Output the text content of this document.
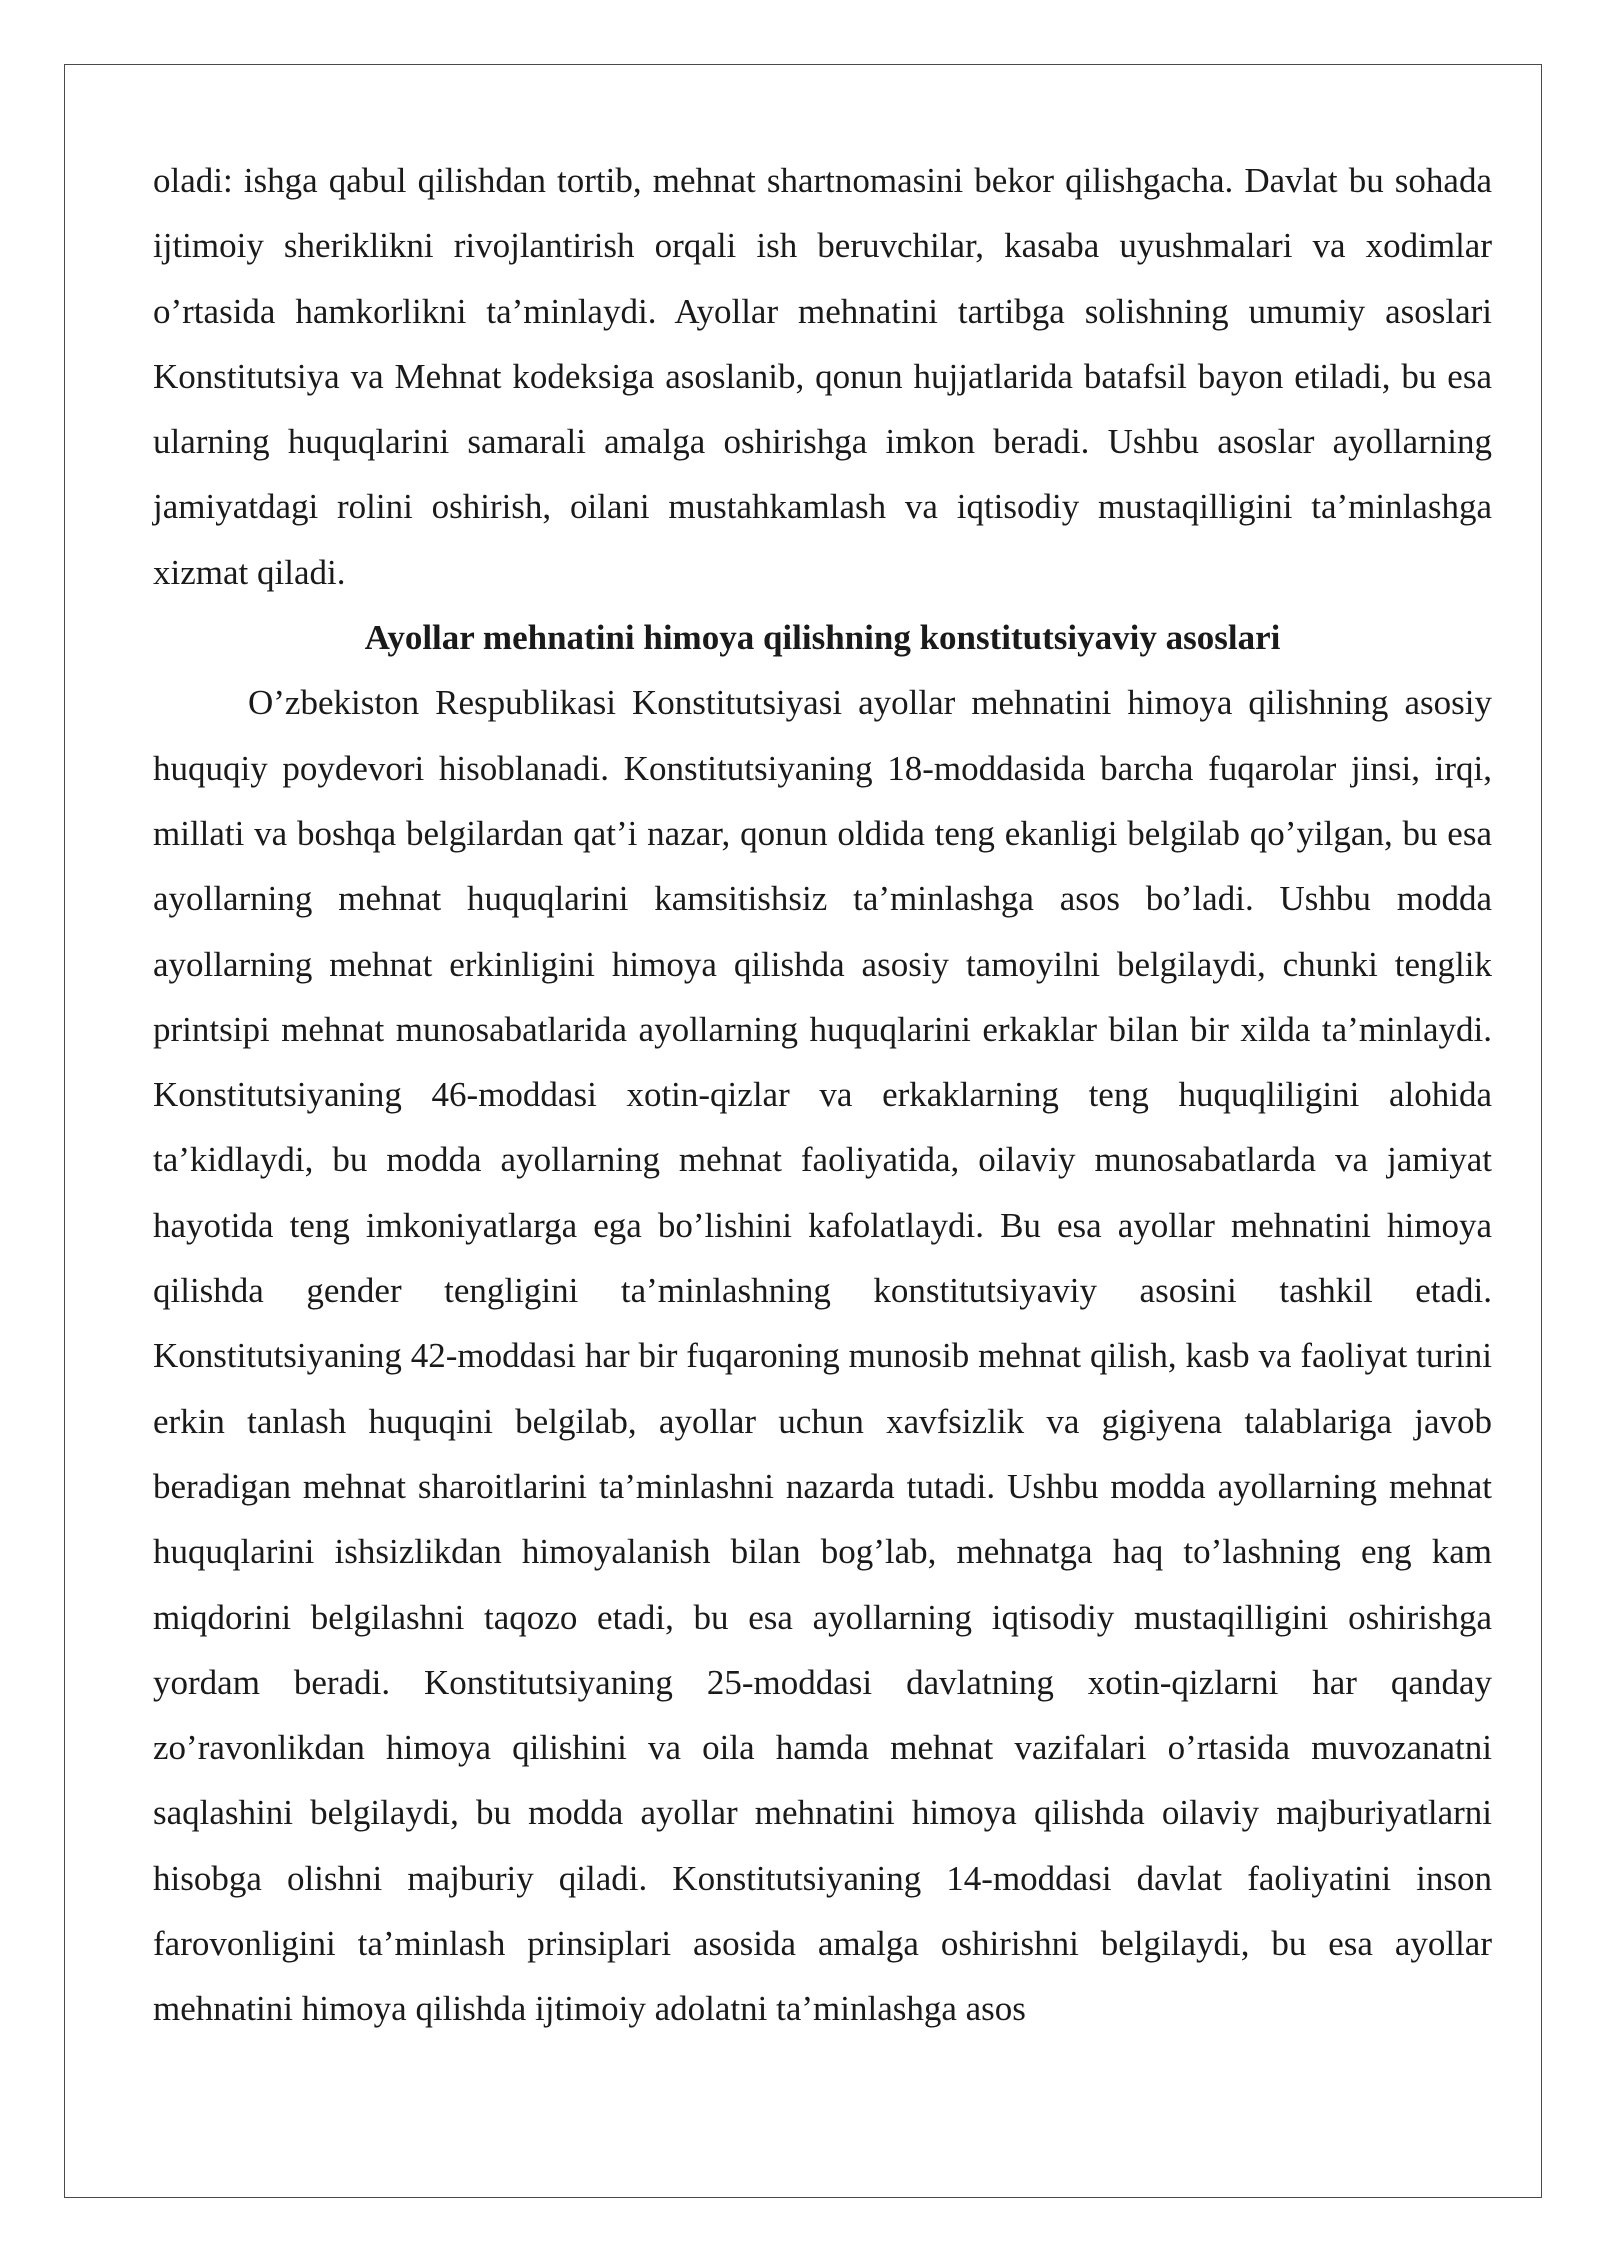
oladi: ishga qabul qilishdan tortib, mehnat shartnomasini bekor qilishgacha. Davlat bu sohada ijtimoiy sheriklikni rivojlantirish orqali ish beruvchilar, kasaba uyushmalari va xodimlar o’rtasida hamkorlikni ta’minlaydi. Ayollar mehnatini tartibga solishning umumiy asoslari Konstitutsiya va Mehnat kodeksiga asoslanib, qonun hujjatlarida batafsil bayon etiladi, bu esa ularning huquqlarini samarali amalga oshirishga imkon beradi. Ushbu asoslar ayollarning jamiyatdagi rolini oshirish, oilani mustahkamlash va iqtisodiy mustaqilligini ta’minlashga xizmat qiladi.

Ayollar mehnatini himoya qilishning konstitutsiyaviy asoslari

O’zbekiston Respublikasi Konstitutsiyasi ayollar mehnatini himoya qilishning asosiy huquqiy poydevori hisoblanadi. Konstitutsiyaning 18-moddasida barcha fuqarolar jinsi, irqi, millati va boshqa belgilardan qat’i nazar, qonun oldida teng ekanligi belgilab qo’yilgan, bu esa ayollarning mehnat huquqlarini kamsitishsiz ta’minlashga asos bo’ladi. Ushbu modda ayollarning mehnat erkinligini himoya qilishda asosiy tamoyilni belgilaydi, chunki tenglik printsipi mehnat munosabatlarida ayollarning huquqlarini erkaklar bilan bir xilda ta’minlaydi. Konstitutsiyaning 46-moddasi xotin-qizlar va erkaklarning teng huquqliligini alohida ta’kidlaydi, bu modda ayollarning mehnat faoliyatida, oilaviy munosabatlarda va jamiyat hayotida teng imkoniyatlarga ega bo’lishini kafolatlaydi. Bu esa ayollar mehnatini himoya qilishda gender tengligini ta’minlashning konstitutsiyaviy asosini tashkil etadi. Konstitutsiyaning 42-moddasi har bir fuqaroning munosib mehnat qilish, kasb va faoliyat turini erkin tanlash huquqini belgilab, ayollar uchun xavfsizlik va gigiyena talablariga javob beradigan mehnat sharoitlarini ta’minlashni nazarda tutadi. Ushbu modda ayollarning mehnat huquqlarini ishsizlikdan himoyalanish bilan bog’lab, mehnatga haq to’lashning eng kam miqdorini belgilashni taqozo etadi, bu esa ayollarning iqtisodiy mustaqilligini oshirishga yordam beradi. Konstitutsiyaning 25-moddasi davlatning xotin-qizlarni har qanday zo’ravonlikdan himoya qilishini va oila hamda mehnat vazifalari o’rtasida muvozanatni saqlashini belgilaydi, bu modda ayollar mehnatini himoya qilishda oilaviy majburiyatlarni hisobga olishni majburiy qiladi. Konstitutsiyaning 14-moddasi davlat faoliyatini inson farovonligini ta’minlash prinsiplari asosida amalga oshirishni belgilaydi, bu esa ayollar mehnatini himoya qilishda ijtimoiy adolatni ta’minlashga asos
